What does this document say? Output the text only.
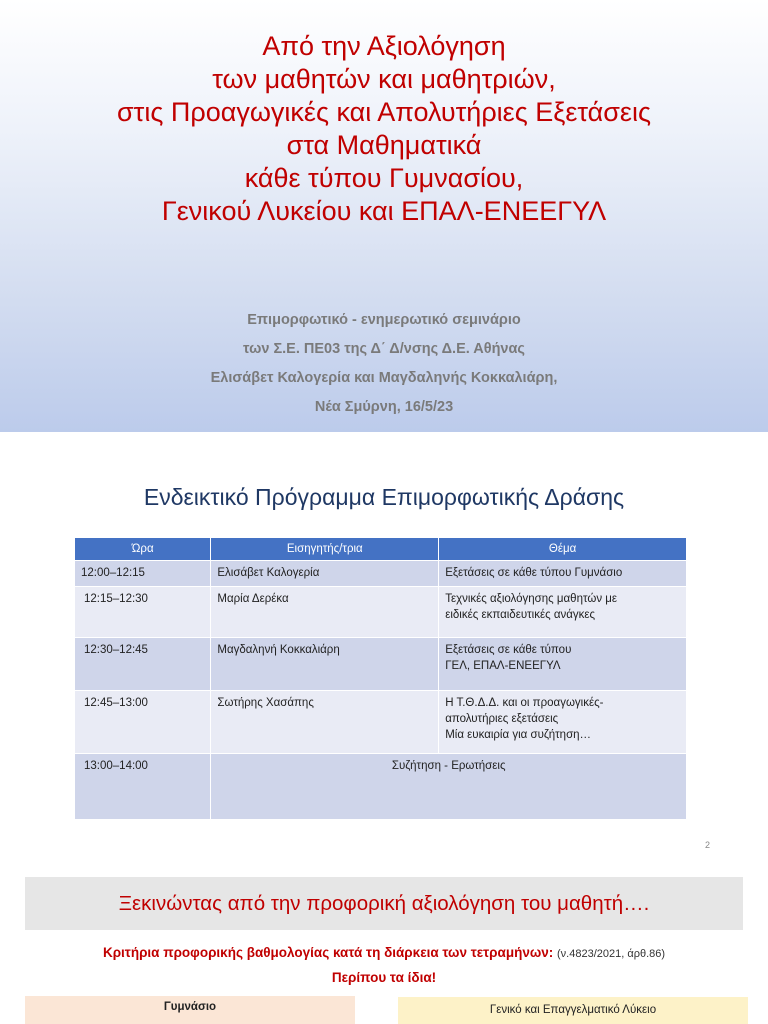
Από την Αξιολόγηση
των μαθητών και μαθητριών,
στις Προαγωγικές και Απολυτήριες Εξετάσεις
στα Μαθηματικά
κάθε τύπου Γυμνασίου,
Γενικού Λυκείου και ΕΠΑΛ-ΕΝΕΕΓΥΛ
Επιμορφωτικό - ενημερωτικό σεμινάριο
των Σ.Ε. ΠΕ03 της Δ΄ Δ/νσης Δ.Ε. Αθήνας
Ελισάβετ Καλογερία και Μαγδαληνής Κοκκαλιάρη,
Νέα Σμύρνη, 16/5/23
Ενδεικτικό Πρόγραμμα Επιμορφωτικής Δράσης
Ώρα	Εισηγητής/τρια	Θέμα
12:00–12:15	Ελισάβετ Καλογερία	Εξετάσεις σε κάθε τύπου Γυμνάσιο
12:15–12:30	Μαρία Δερέκα	Τεχνικές αξιολόγησης μαθητών με
ειδικές εκπαιδευτικές ανάγκες

12:30–12:45	Μαγδαληνή Κοκκαλιάρη	Εξετάσεις σε κάθε τύπου
ΓΕΛ, ΕΠΑΛ-ΕΝΕΕΓΥΛ

12:45–13:00	Σωτήρης Χασάπης	Η Τ.Θ.Δ.Δ. και οι προαγωγικές-
απολυτήριες εξετάσεις
Μία ευκαιρία για συζήτηση…

13:00–14:00	Συζήτηση - Ερωτήσεις	
2
Ξεκινώντας από την προφορική αξιολόγηση του μαθητή….
Κριτήρια προφορικής βαθμολογίας κατά τη διάρκεια των τετραμήνων: (ν.4823/2021, άρθ.86)
Περίπου τα ίδια!
Γυμνάσιο	Γενικό και Επαγγελματικό Λύκειο
